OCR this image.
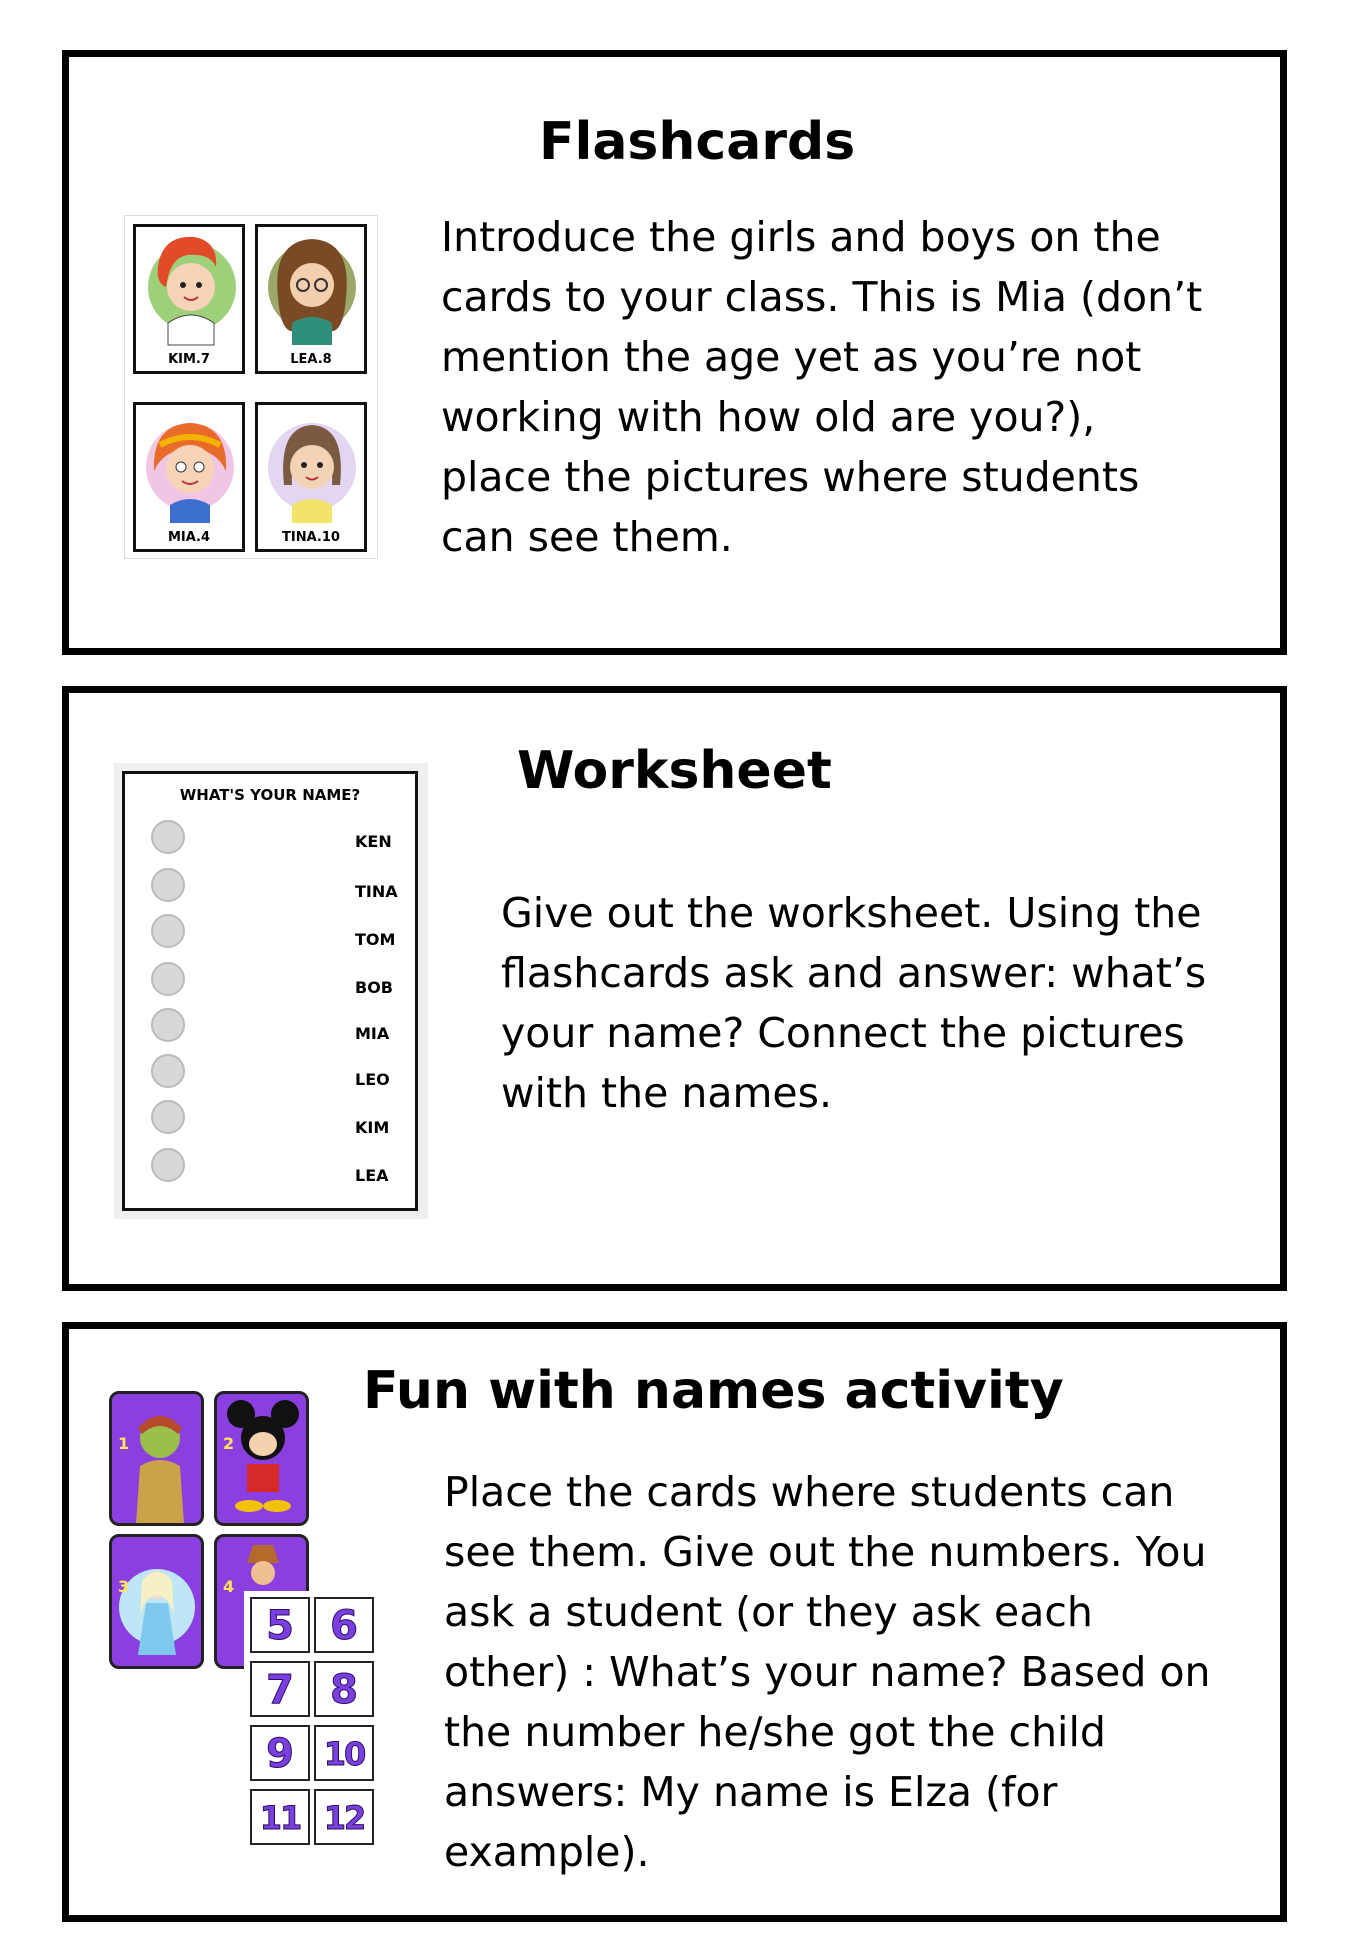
Flashcards
KIM.7	LEA.8
MIA.4	TINA.10
Introduce the girls and boys on the
cards to your class. This is Mia (don’t
mention the age yet as you’re not
working with how old are you?),
place the pictures where students
can see them.
Worksheet
WHAT'S YOUR NAME?
KEN
TINA
TOM
BOB
MIA
LEO
KIM
LEA
Give out the worksheet. Using the
flashcards ask and answer: what’s
your name? Connect the pictures
with the names.
Fun with names activity
1	2
3	4
5 6
7 8
9 10
11 12
Place the cards where students can
see them. Give out the numbers. You
ask a student (or they ask each
other) : What’s your name? Based on
the number he/she got the child
answers: My name is Elza (for
example).
